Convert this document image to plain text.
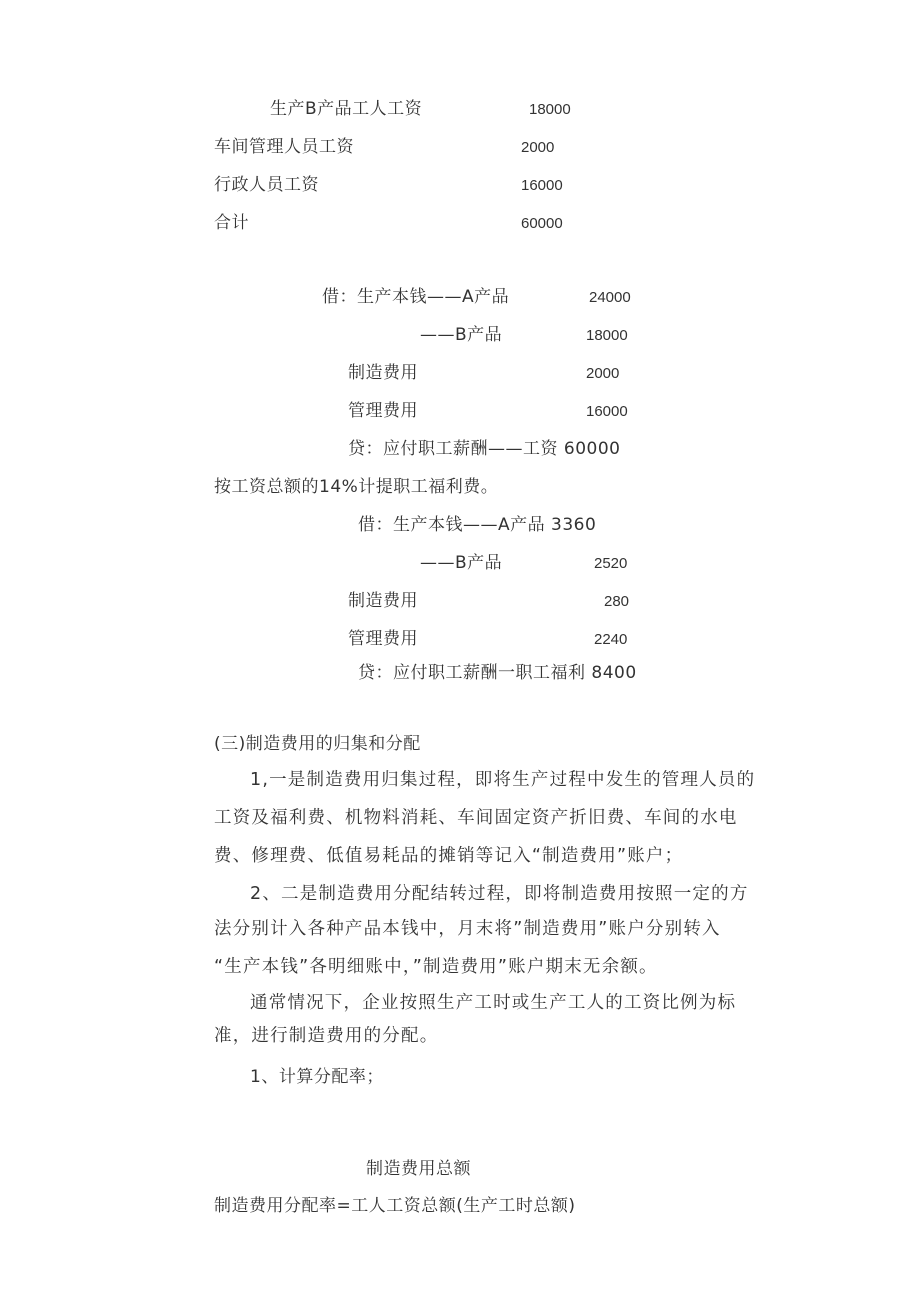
生产B产品工人工资	18000
车间管理人员工资	2000
行政人员工资	16000
合计	60000
借：生产本钱——A产品	24000
——B产品	18000
制造费用	2000
管理费用	16000
贷：应付职工薪酬——工资 60000
按工资总额的14%计提职工福利费。
借：生产本钱——A产品 3360
——B产品	2520
制造费用	280
管理费用	2240
贷：应付职工薪酬一职工福利 8400
(三)制造费用的归集和分配
1,一是制造费用归集过程，即将生产过程中发生的管理人员的
工资及福利费、机物料消耗、车间固定资产折旧费、车间的水电
费、修理费、低值易耗品的摊销等记入“制造费用”账户；
2、二是制造费用分配结转过程，即将制造费用按照一定的方
法分别计入各种产品本钱中，月末将”制造费用”账户分别转入
“生产本钱”各明细账中，”制造费用”账户期末无余额。
通常情况下，企业按照生产工时或生产工人的工资比例为标
准，进行制造费用的分配。
1、计算分配率；
制造费用总额
制造费用分配率=工人工资总额(生产工时总额)
